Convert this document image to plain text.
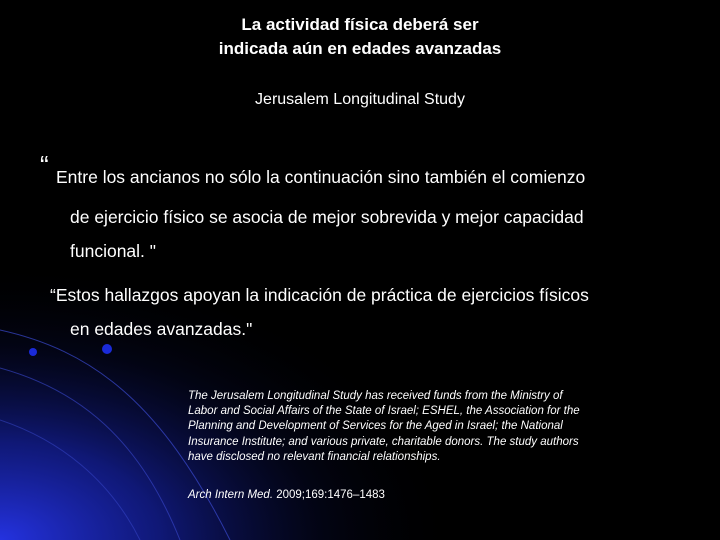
La actividad física deberá ser
indicada aún en edades avanzadas
Jerusalem Longitudinal Study
“ Entre los ancianos no sólo la continuación sino también el comienzo
de ejercicio físico se asocia de mejor sobrevida y mejor capacidad
funcional. "
“Estos hallazgos apoyan la indicación de práctica de ejercicios físicos
en edades avanzadas."
The Jerusalem Longitudinal Study has received funds from the Ministry of
Labor and Social Affairs of the State of Israel; ESHEL, the Association for the
Planning and Development of Services for the Aged in Israel; the National
Insurance Institute; and various private, charitable donors. The study authors
have disclosed no relevant financial relationships.
Arch Intern Med. 2009;169:1476–1483
